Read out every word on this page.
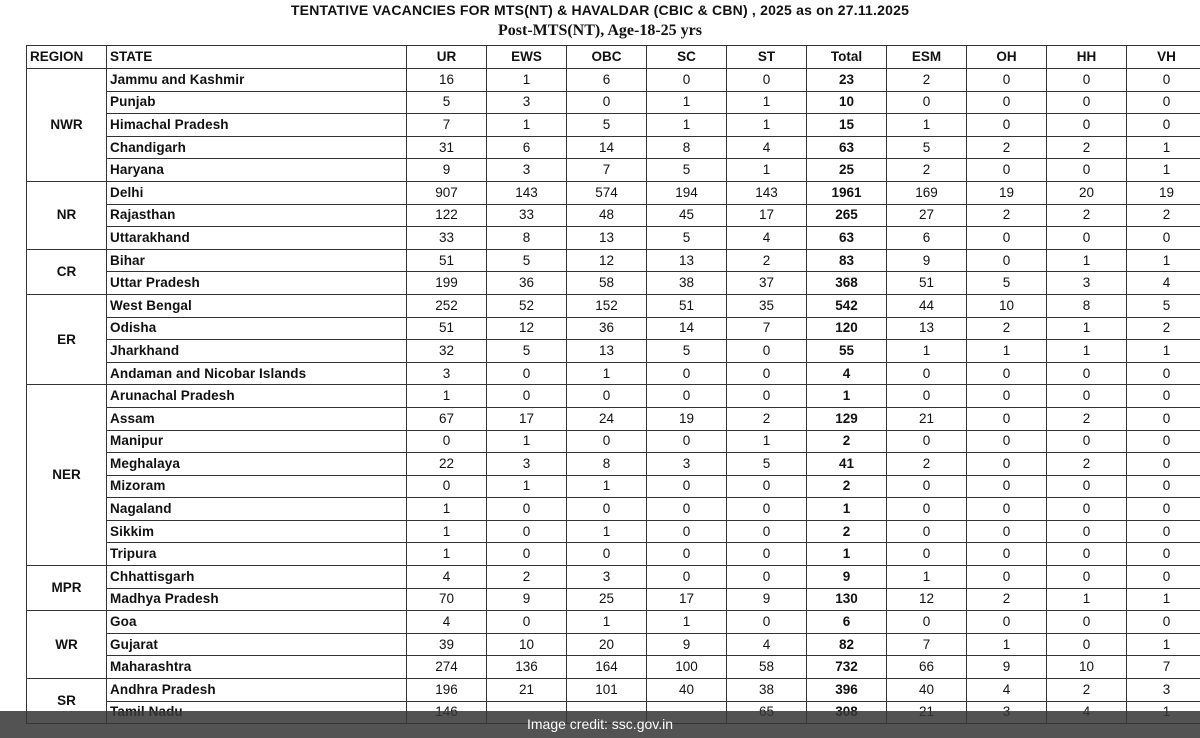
TENTATIVE VACANCIES FOR MTS(NT) & HAVALDAR (CBIC & CBN) , 2025 as on 27.11.2025
Post-MTS(NT), Age-18-25 yrs
REGION	STATE	UR	EWS	OBC	SC	ST	Total	ESM	OH	HH	VH
NWR	Jammu and Kashmir	16	1	6	0	0	23	2	0	0	0
	Punjab	5	3	0	1	1	10	0	0	0	0
	Himachal Pradesh	7	1	5	1	1	15	1	0	0	0
	Chandigarh	31	6	14	8	4	63	5	2	2	1
	Haryana	9	3	7	5	1	25	2	0	0	1
NR	Delhi	907	143	574	194	143	1961	169	19	20	19
	Rajasthan	122	33	48	45	17	265	27	2	2	2
	Uttarakhand	33	8	13	5	4	63	6	0	0	0
CR	Bihar	51	5	12	13	2	83	9	0	1	1
	Uttar Pradesh	199	36	58	38	37	368	51	5	3	4
ER	West Bengal	252	52	152	51	35	542	44	10	8	5
	Odisha	51	12	36	14	7	120	13	2	1	2
	Jharkhand	32	5	13	5	0	55	1	1	1	1
	Andaman and Nicobar Islands	3	0	1	0	0	4	0	0	0	0
NER	Arunachal Pradesh	1	0	0	0	0	1	0	0	0	0
	Assam	67	17	24	19	2	129	21	0	2	0
	Manipur	0	1	0	0	1	2	0	0	0	0
	Meghalaya	22	3	8	3	5	41	2	0	2	0
	Mizoram	0	1	1	0	0	2	0	0	0	0
	Nagaland	1	0	0	0	0	1	0	0	0	0
	Sikkim	1	0	1	0	0	2	0	0	0	0
	Tripura	1	0	0	0	0	1	0	0	0	0
MPR	Chhattisgarh	4	2	3	0	0	9	1	0	0	0
	Madhya Pradesh	70	9	25	17	9	130	12	2	1	1
WR	Goa	4	0	1	1	0	6	0	0	0	0
	Gujarat	39	10	20	9	4	82	7	1	0	1
	Maharashtra	274	136	164	100	58	732	66	9	10	7
SR	Andhra Pradesh	196	21	101	40	38	396	40	4	2	3

Image credit: ssc.gov.in
